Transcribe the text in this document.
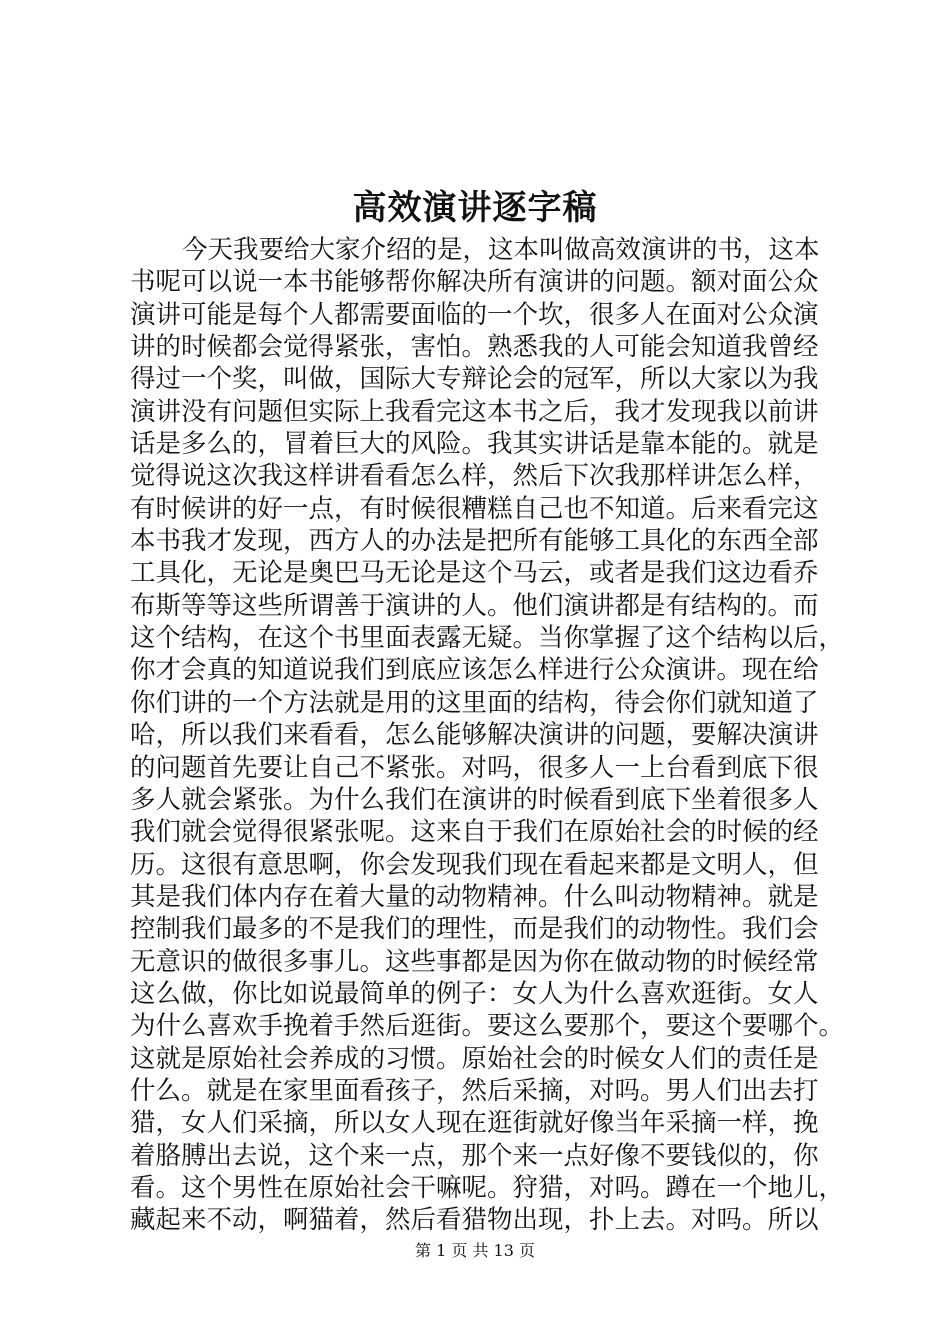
高效演讲逐字稿
今天我要给大家介绍的是，这本叫做高效演讲的书，这本
书呢可以说一本书能够帮你解决所有演讲的问题。额对面公众
演讲可能是每个人都需要面临的一个坎，很多人在面对公众演
讲的时候都会觉得紧张，害怕。熟悉我的人可能会知道我曾经
得过一个奖，叫做，国际大专辩论会的冠军，所以大家以为我
演讲没有问题但实际上我看完这本书之后，我才发现我以前讲
话是多么的，冒着巨大的风险。我其实讲话是靠本能的。就是
觉得说这次我这样讲看看怎么样，然后下次我那样讲怎么样，
有时候讲的好一点，有时候很糟糕自己也不知道。后来看完这
本书我才发现，西方人的办法是把所有能够工具化的东西全部
工具化，无论是奥巴马无论是这个马云，或者是我们这边看乔
布斯等等这些所谓善于演讲的人。他们演讲都是有结构的。而
这个结构，在这个书里面表露无疑。当你掌握了这个结构以后，
你才会真的知道说我们到底应该怎么样进行公众演讲。现在给
你们讲的一个方法就是用的这里面的结构，待会你们就知道了
哈，所以我们来看看，怎么能够解决演讲的问题，要解决演讲
的问题首先要让自己不紧张。对吗，很多人一上台看到底下很
多人就会紧张。为什么我们在演讲的时候看到底下坐着很多人
我们就会觉得很紧张呢。这来自于我们在原始社会的时候的经
历。这很有意思啊，你会发现我们现在看起来都是文明人，但
其是我们体内存在着大量的动物精神。什么叫动物精神。就是
控制我们最多的不是我们的理性，而是我们的动物性。我们会
无意识的做很多事儿。这些事都是因为你在做动物的时候经常
这么做，你比如说最简单的例子：女人为什么喜欢逛街。女人
为什么喜欢手挽着手然后逛街。要这么要那个，要这个要哪个。
这就是原始社会养成的习惯。原始社会的时候女人们的责任是
什么。就是在家里面看孩子，然后采摘，对吗。男人们出去打
猎，女人们采摘，所以女人现在逛街就好像当年采摘一样，挽
着胳膊出去说，这个来一点，那个来一点好像不要钱似的，你
看。这个男性在原始社会干嘛呢。狩猎，对吗。蹲在一个地儿，
藏起来不动，啊猫着，然后看猎物出现，扑上去。对吗。所以
第 1 页 共 13 页
